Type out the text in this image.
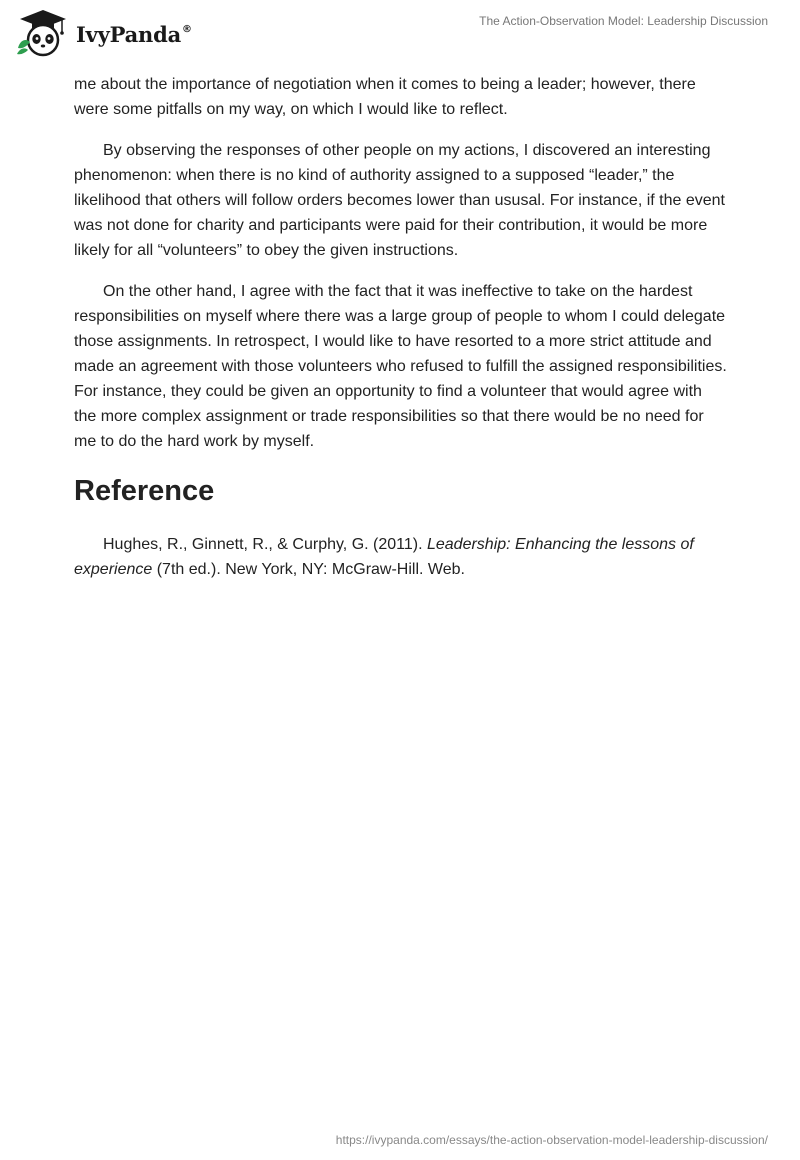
IvyPanda®
The Action-Observation Model: Leadership Discussion

me about the importance of negotiation when it comes to being a leader; however, there were some pitfalls on my way, on which I would like to reflect.

By observing the responses of other people on my actions, I discovered an interesting phenomenon: when there is no kind of authority assigned to a supposed “leader,” the likelihood that others will follow orders becomes lower than ususal. For instance, if the event was not done for charity and participants were paid for their contribution, it would be more likely for all “volunteers” to obey the given instructions.

On the other hand, I agree with the fact that it was ineffective to take on the hardest responsibilities on myself where there was a large group of people to whom I could delegate those assignments. In retrospect, I would like to have resorted to a more strict attitude and made an agreement with those volunteers who refused to fulfill the assigned responsibilities. For instance, they could be given an opportunity to find a volunteer that would agree with the more complex assignment or trade responsibilities so that there would be no need for me to do the hard work by myself.

Reference

Hughes, R., Ginnett, R., & Curphy, G. (2011). Leadership: Enhancing the lessons of experience (7th ed.). New York, NY: McGraw-Hill. Web.

https://ivypanda.com/essays/the-action-observation-model-leadership-discussion/
